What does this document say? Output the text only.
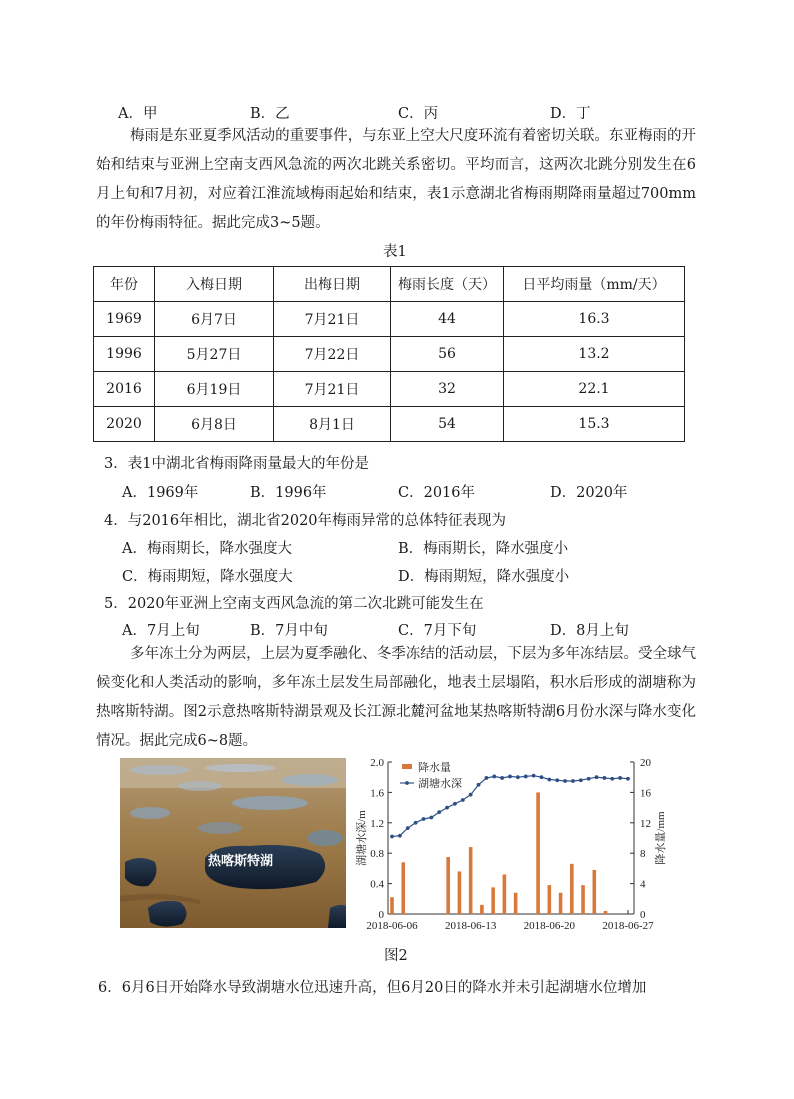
A．甲	B．乙	C．丙	D．丁
梅雨是东亚夏季风活动的重要事件，与东亚上空大尺度环流有着密切关联。东亚梅雨的开始和结束与亚洲上空南支西风急流的两次北跳关系密切。平均而言，这两次北跳分别发生在6月上旬和7月初，对应着江淮流域梅雨起始和结束，表1示意湖北省梅雨期降雨量超过700mm的年份梅雨特征。据此完成3~5题。
表1
年份	入梅日期	出梅日期	梅雨长度（天）	日平均雨量（mm/天）
1969	6月7日	7月21日	44	16.3
1996	5月27日	7月22日	56	13.2
2016	6月19日	7月21日	32	22.1
2020	6月8日	8月1日	54	15.3
3．表1中湖北省梅雨降雨量最大的年份是
A．1969年	B．1996年	C．2016年	D．2020年
4．与2016年相比，湖北省2020年梅雨异常的总体特征表现为
A．梅雨期长，降水强度大	B．梅雨期长，降水强度小
C．梅雨期短，降水强度大	D．梅雨期短，降水强度小
5．2020年亚洲上空南支西风急流的第二次北跳可能发生在
A．7月上旬	B．7月中旬	C．7月下旬	D．8月上旬
多年冻土分为两层，上层为夏季融化、冬季冻结的活动层，下层为多年冻结层。受全球气候变化和人类活动的影响，多年冻土层发生局部融化，地表土层塌陷，积水后形成的湖塘称为热喀斯特湖。图2示意热喀斯特湖景观及长江源北麓河盆地某热喀斯特湖6月份水深与降水变化情况。据此完成6~8题。
热喀斯特湖
0
0.4
0.8
1.2
1.6
2.0
0
4
8
12
16
20
2018-06-06 2018-06-13 2018-06-20 2018-06-27
湖塘水深/m	降水量/mm
降水量
湖塘水深
图2
6．6月6日开始降水导致湖塘水位迅速升高，但6月20日的降水并未引起湖塘水位增加
